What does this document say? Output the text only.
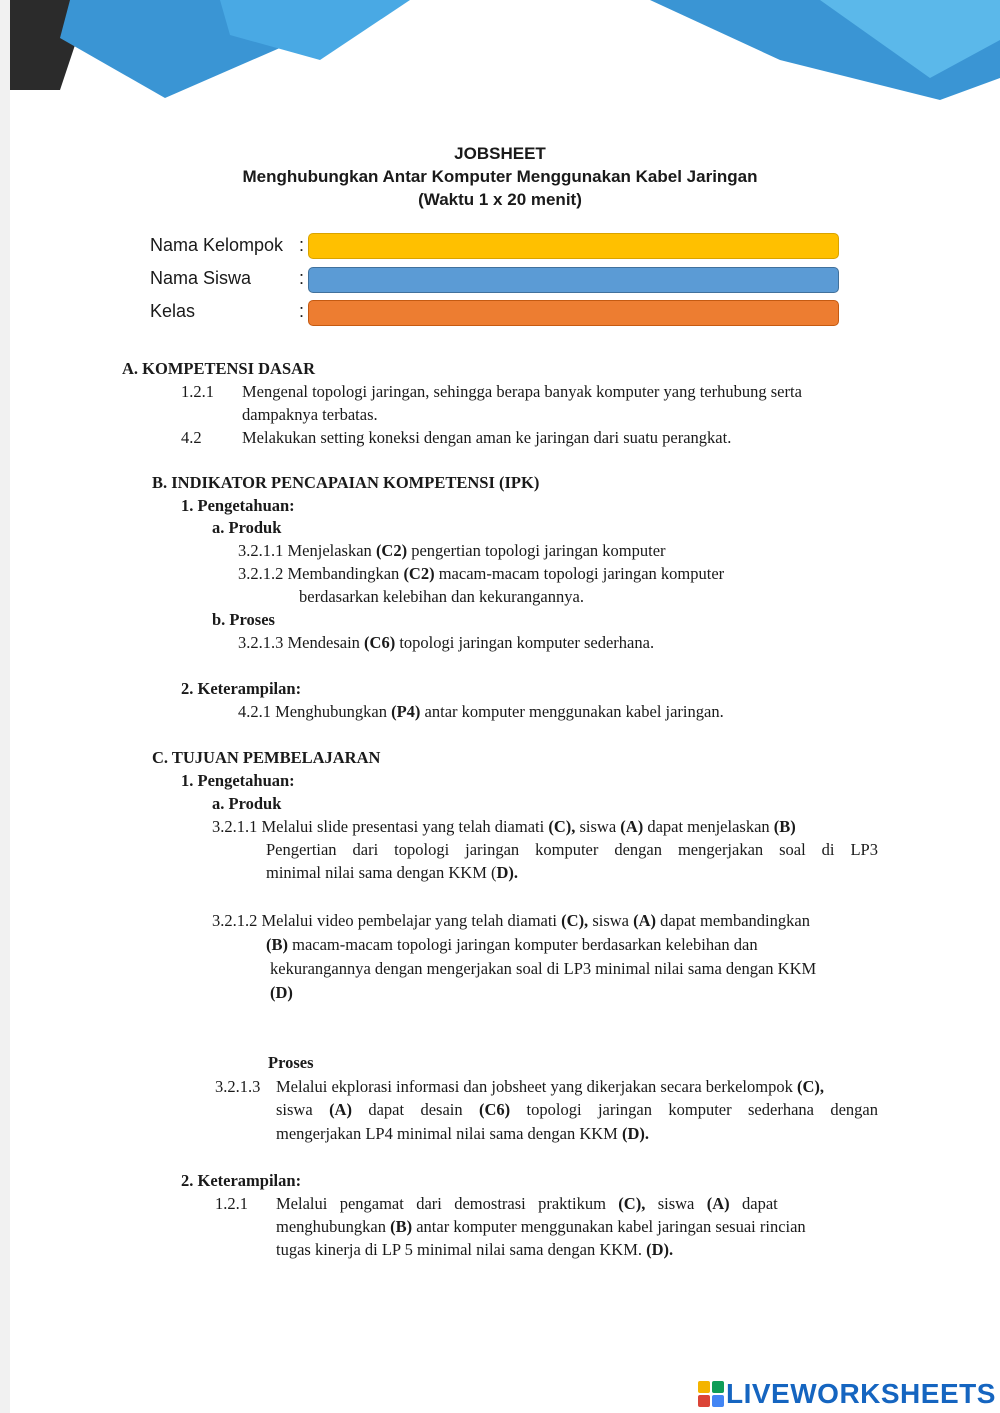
JOBSHEET
Menghubungkan Antar Komputer Menggunakan Kabel Jaringan
(Waktu 1 x 20 menit)
Nama Kelompok :
Nama Siswa	:
Kelas	:
A. KOMPETENSI DASAR
1.2.1 Mengenal topologi jaringan, sehingga berapa banyak komputer yang terhubung serta
dampaknya terbatas.
4.2 Melakukan setting koneksi dengan aman ke jaringan dari suatu perangkat.
B. INDIKATOR PENCAPAIAN KOMPETENSI (IPK)
1. Pengetahuan:
a. Produk
3.2.1.1 Menjelaskan (C2) pengertian topologi jaringan komputer
3.2.1.2 Membandingkan (C2) macam-macam topologi jaringan komputer
berdasarkan kelebihan dan kekurangannya.
b. Proses
3.2.1.3 Mendesain (C6) topologi jaringan komputer sederhana.
2. Keterampilan:
4.2.1 Menghubungkan (P4) antar komputer menggunakan kabel jaringan.
C. TUJUAN PEMBELAJARAN
1. Pengetahuan:
a. Produk
3.2.1.1 Melalui slide presentasi yang telah diamati (C), siswa (A) dapat menjelaskan (B)
Pengertian dari topologi jaringan komputer dengan mengerjakan soal di LP3
minimal nilai sama dengan KKM (D).
3.2.1.2 Melalui video pembelajar yang telah diamati (C), siswa (A) dapat membandingkan
(B) macam-macam topologi jaringan komputer berdasarkan kelebihan dan
kekurangannya dengan mengerjakan soal di LP3 minimal nilai sama dengan KKM
(D)
Proses
3.2.1.3 Melalui ekplorasi informasi dan jobsheet yang dikerjakan secara berkelompok (C),
siswa (A) dapat desain (C6) topologi jaringan komputer sederhana dengan
mengerjakan LP4 minimal nilai sama dengan KKM (D).
2. Keterampilan:
1.2.1 Melalui   pengamat   dari   demostrasi   praktikum   (C),   siswa   (A)   dapat
menghubungkan (B) antar komputer menggunakan kabel jaringan sesuai rincian
tugas kinerja di LP 5 minimal nilai sama dengan KKM. (D).
LIVEWORKSHEETS
